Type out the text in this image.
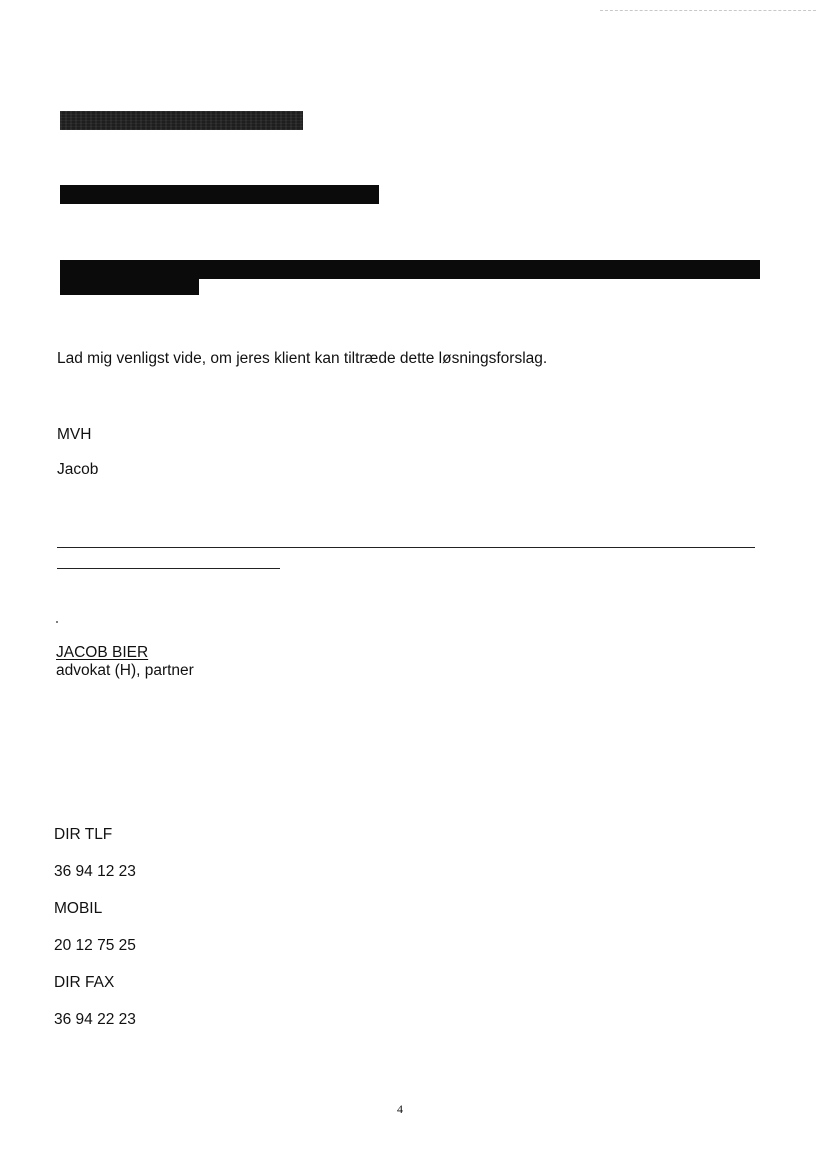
Lad mig venligst vide, om jeres klient kan tiltræde dette løsningsforslag.
MVH
Jacob
JACOB BIER
advokat (H), partner
DIR TLF
36 94 12 23
MOBIL
20 12 75 25
DIR FAX
36 94 22 23
4
